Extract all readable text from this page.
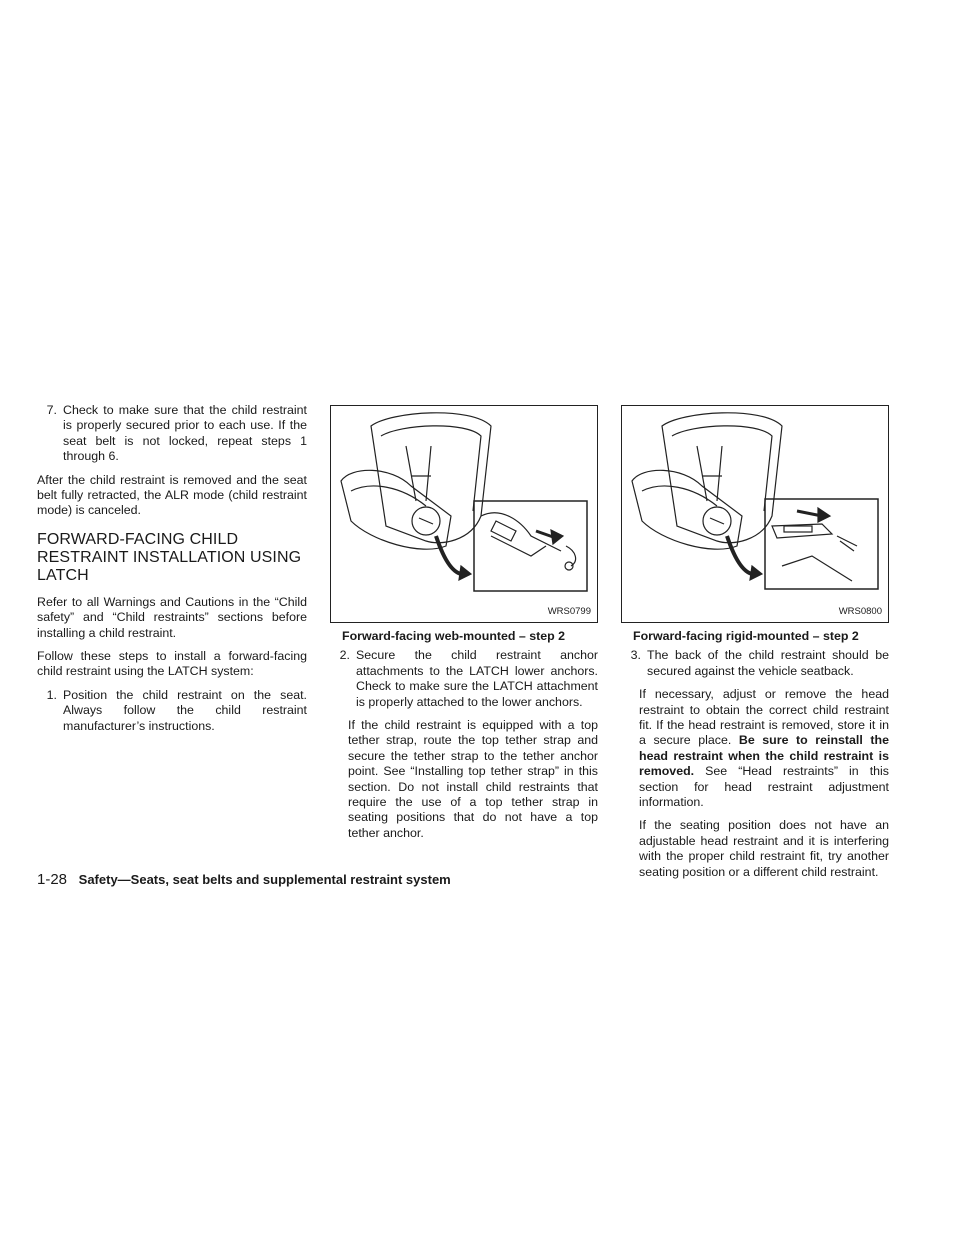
7. Check to make sure that the child restraint is properly secured prior to each use. If the seat belt is not locked, repeat steps 1 through 6.

After the child restraint is removed and the seat belt fully retracted, the ALR mode (child restraint mode) is canceled.

FORWARD-FACING CHILD RESTRAINT INSTALLATION USING LATCH

Refer to all Warnings and Cautions in the “Child safety” and “Child restraints” sections before installing a child restraint.

Follow these steps to install a forward-facing child restraint using the LATCH system:

1. Position the child restraint on the seat. Always follow the child restraint manufacturer’s instructions.
WRS0799
Forward-facing web-mounted – step 2
2. Secure the child restraint anchor attachments to the LATCH lower anchors. Check to make sure the LATCH attachment is properly attached to the lower anchors.

If the child restraint is equipped with a top tether strap, route the top tether strap and secure the tether strap to the tether anchor point. See “Installing top tether strap” in this section. Do not install child restraints that require the use of a top tether strap in seating positions that do not have a top tether anchor.

WRS0800
Forward-facing rigid-mounted – step 2
3. The back of the child restraint should be secured against the vehicle seatback.

If necessary, adjust or remove the head restraint to obtain the correct child restraint fit. If the head restraint is removed, store it in a secure place. Be sure to reinstall the head restraint when the child restraint is removed. See “Head restraints” in this section for head restraint adjustment information.

If the seating position does not have an adjustable head restraint and it is interfering with the proper child restraint fit, try another seating position or a different child restraint.

1-28 Safety—Seats, seat belts and supplemental restraint system
